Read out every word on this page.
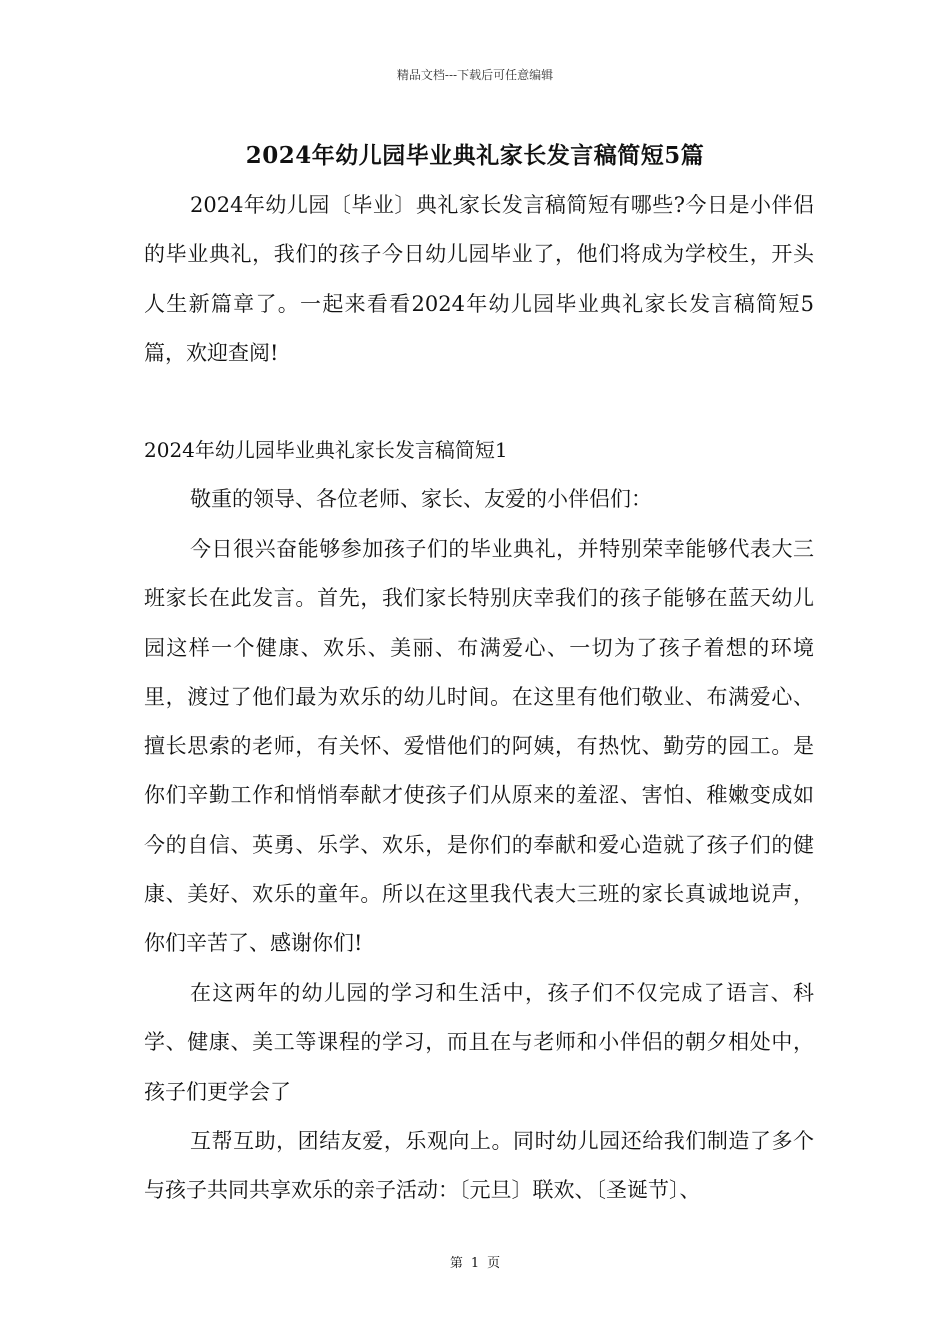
精品文档---下载后可任意编辑
2024年幼儿园毕业典礼家长发言稿简短5篇

2024年幼儿园〔毕业〕典礼家长发言稿简短有哪些?今日是小伴侣的毕业典礼，我们的孩子今日幼儿园毕业了，他们将成为学校生，开头人生新篇章了。一起来看看2024年幼儿园毕业典礼家长发言稿简短5篇，欢迎查阅!

2024年幼儿园毕业典礼家长发言稿简短1

敬重的领导、各位老师、家长、友爱的小伴侣们：

今日很兴奋能够参加孩子们的毕业典礼，并特别荣幸能够代表大三班家长在此发言。首先，我们家长特别庆幸我们的孩子能够在蓝天幼儿园这样一个健康、欢乐、美丽、布满爱心、一切为了孩子着想的环境里，渡过了他们最为欢乐的幼儿时间。在这里有他们敬业、布满爱心、擅长思索的老师，有关怀、爱惜他们的阿姨，有热忱、勤劳的园工。是你们辛勤工作和悄悄奉献才使孩子们从原来的羞涩、害怕、稚嫩变成如今的自信、英勇、乐学、欢乐，是你们的奉献和爱心造就了孩子们的健康、美好、欢乐的童年。所以在这里我代表大三班的家长真诚地说声，你们辛苦了、感谢你们!

在这两年的幼儿园的学习和生活中，孩子们不仅完成了语言、科学、健康、美工等课程的学习，而且在与老师和小伴侣的朝夕相处中，孩子们更学会了

互帮互助，团结友爱，乐观向上。同时幼儿园还给我们制造了多个与孩子共同共享欢乐的亲子活动：〔元旦〕联欢、〔圣诞节〕、

第 1 页
